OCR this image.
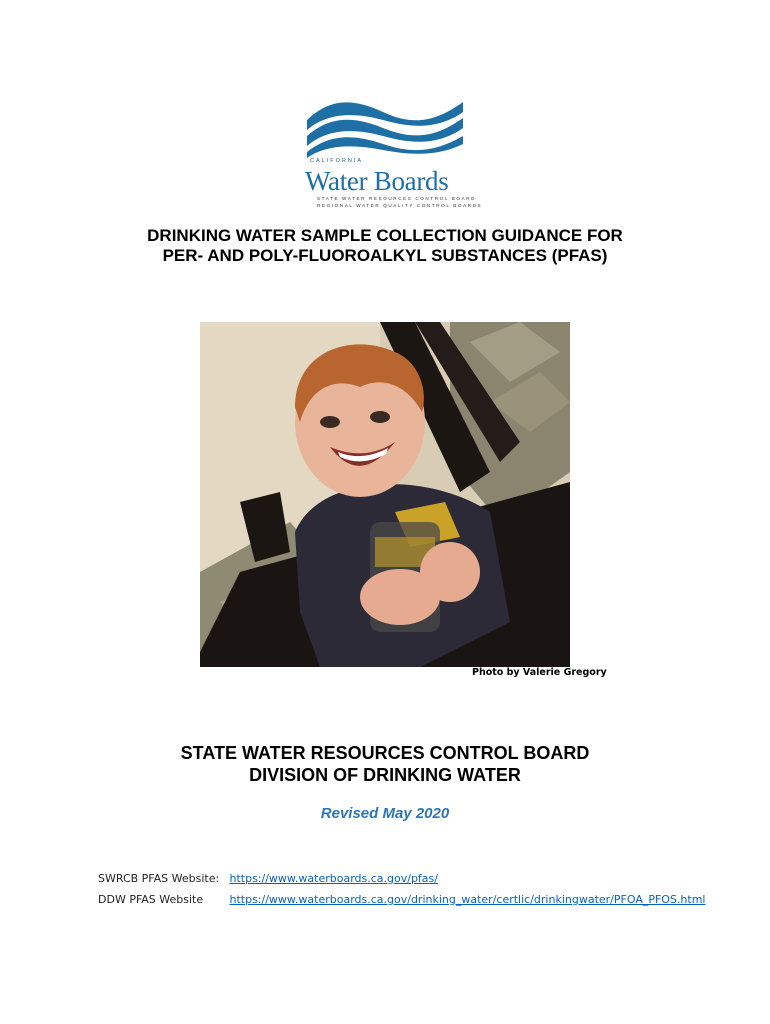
CALIFORNIA
Water Boards
STATE WATER RESOURCES CONTROL BOARD
REGIONAL WATER QUALITY CONTROL BOARDS
DRINKING WATER SAMPLE COLLECTION GUIDANCE FOR
PER- AND POLY-FLUOROALKYL SUBSTANCES (PFAS)
Photo by Valerie Gregory
STATE WATER RESOURCES CONTROL BOARD
DIVISION OF DRINKING WATER
Revised May 2020
SWRCB PFAS Website: https://www.waterboards.ca.gov/pfas/
DDW PFAS Website https://www.waterboards.ca.gov/drinking_water/certlic/drinkingwater/PFOA_PFOS.html
